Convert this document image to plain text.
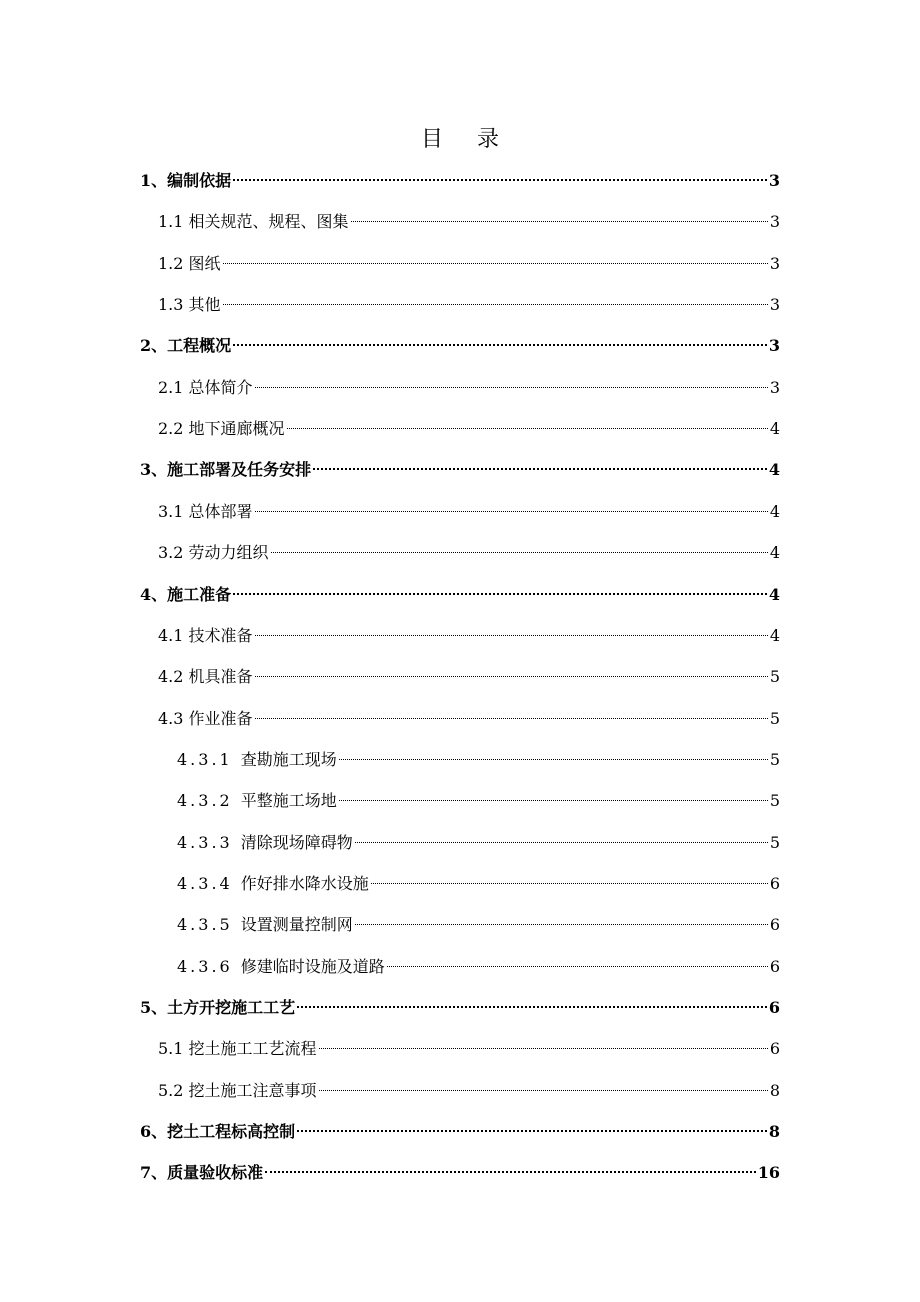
目 录
1、编制依据	3
1.1 相关规范、规程、图集	3
1.2 图纸	3
1.3 其他	3
2、工程概况	3
2.1 总体简介	3
2.2 地下通廊概况	4
3、施工部署及任务安排	4
3.1 总体部署	4
3.2 劳动力组织	4
4、施工准备	4
4.1 技术准备	4
4.2 机具准备	5
4.3 作业准备	5
4.3.1 查勘施工现场	5
4.3.2 平整施工场地	5
4.3.3 清除现场障碍物	5
4.3.4 作好排水降水设施	6
4.3.5 设置测量控制网	6
4.3.6 修建临时设施及道路	6
5、土方开挖施工工艺	6
5.1 挖土施工工艺流程	6
5.2 挖土施工注意事项	8
6、挖土工程标高控制	8
7、质量验收标准	16
